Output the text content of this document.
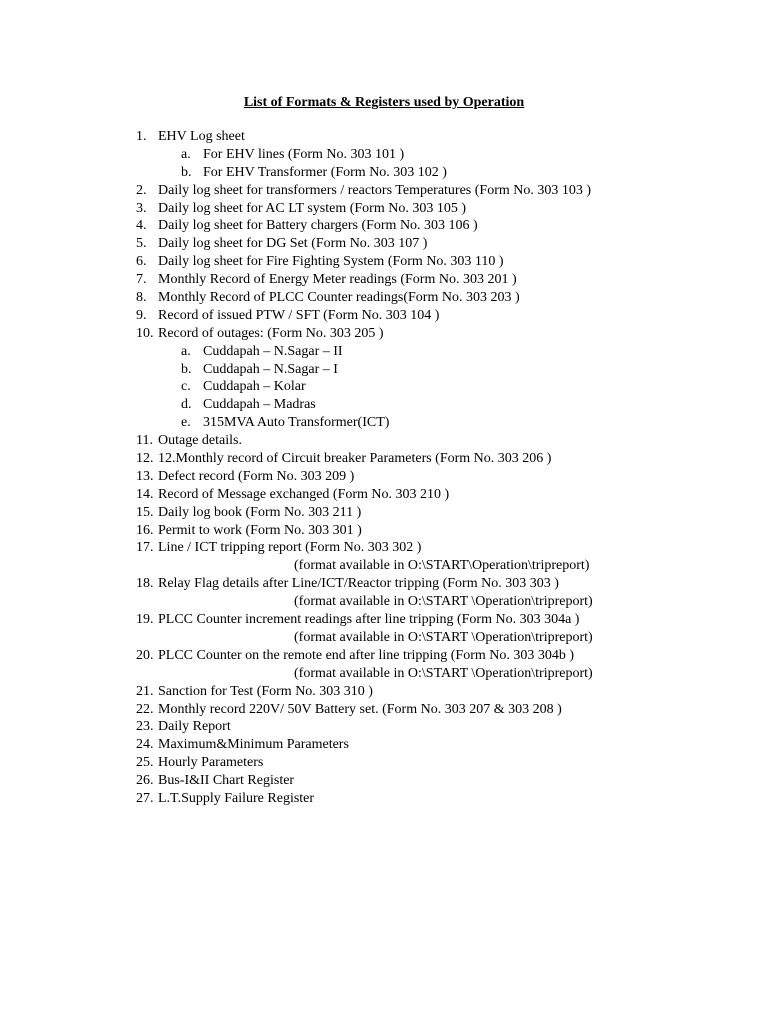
List of Formats & Registers used by Operation
1. EHV Log sheet
a. For EHV lines (Form No. 303 101 )
b. For EHV Transformer (Form No. 303 102 )
2. Daily log sheet for transformers / reactors Temperatures (Form No. 303 103 )
3. Daily log sheet for AC LT system (Form No. 303 105 )
4. Daily log sheet for Battery chargers (Form No. 303 106 )
5. Daily log sheet for DG Set (Form No. 303 107 )
6. Daily log sheet for Fire Fighting System (Form No. 303 110 )
7. Monthly Record of Energy Meter readings (Form No. 303 201 )
8. Monthly Record of PLCC Counter readings(Form No. 303 203 )
9. Record of issued PTW / SFT (Form No. 303 104 )
10. Record of outages: (Form No. 303 205 )
a. Cuddapah – N.Sagar – II
b. Cuddapah – N.Sagar – I
c. Cuddapah – Kolar
d. Cuddapah – Madras
e. 315MVA Auto Transformer(ICT)
11. Outage details.
12. 12.Monthly record of Circuit breaker Parameters (Form No. 303 206 )
13. Defect record (Form No. 303 209 )
14. Record of Message exchanged (Form No. 303 210 )
15. Daily log book (Form No. 303 211 )
16. Permit to work (Form No. 303 301 )
17. Line / ICT tripping report (Form No. 303 302 )
(format available in O:\START\Operation\tripreport)
18. Relay Flag details after Line/ICT/Reactor tripping (Form No. 303 303 )
(format available in O:\START \Operation\tripreport)
19. PLCC Counter increment readings after line tripping (Form No. 303 304a )
(format available in O:\START \Operation\tripreport)
20. PLCC Counter on the remote end after line tripping (Form No. 303 304b )
(format available in O:\START \Operation\tripreport)
21. Sanction for Test (Form No. 303 310 )
22. Monthly record 220V/ 50V Battery set. (Form No. 303 207 & 303 208 )
23. Daily Report
24. Maximum&Minimum Parameters
25. Hourly Parameters
26. Bus-I&II Chart Register
27. L.T.Supply Failure Register
